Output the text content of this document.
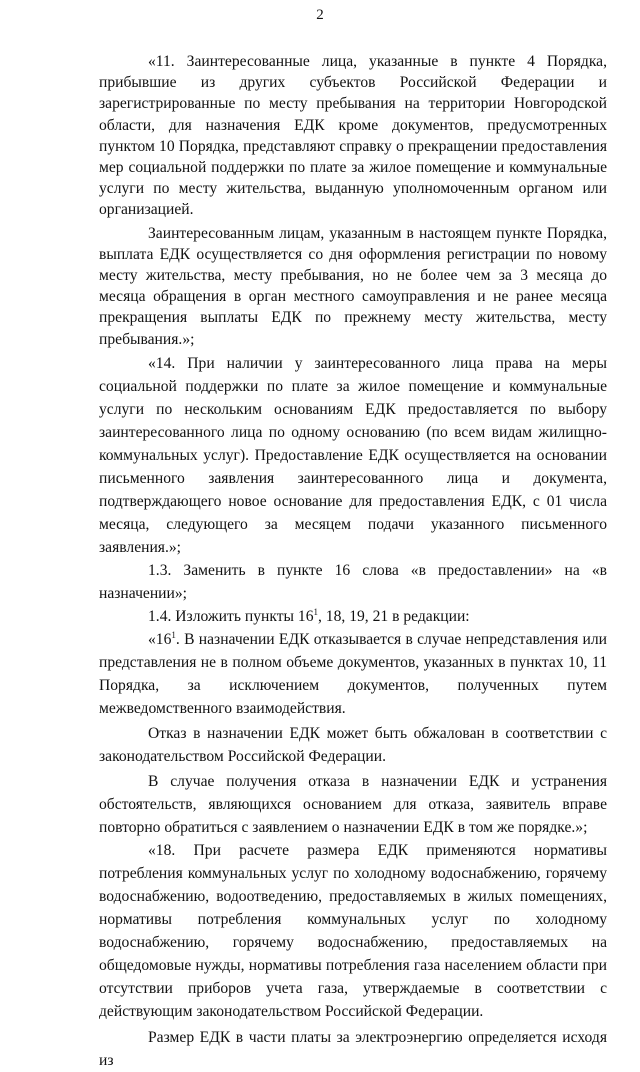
2

«11. Заинтересованные лица, указанные в пункте 4 Порядка, прибывшие из других субъектов Российской Федерации и зарегистрированные по месту пребывания на территории Новгородской области, для назначения ЕДК кроме документов, предусмотренных пунктом 10 Порядка, представляют справку о прекращении предоставления мер социальной поддержки по плате за жилое помещение и коммунальные услуги по месту жительства, выданную уполномоченным органом или организацией.

Заинтересованным лицам, указанным в настоящем пункте Порядка, выплата ЕДК осуществляется со дня оформления регистрации по новому месту жительства, месту пребывания, но не более чем за 3 месяца до месяца обращения в орган местного самоуправления и не ранее месяца прекращения выплаты ЕДК по прежнему месту жительства, месту пребывания.»;

«14. При наличии у заинтересованного лица права на меры социальной поддержки по плате за жилое помещение и коммунальные услуги по нескольким основаниям ЕДК предоставляется по выбору заинтересованного лица по одному основанию (по всем видам жилищно-коммунальных услуг). Предоставление ЕДК осуществляется на основании письменного заявления заинтересованного лица и документа, подтверждающего новое основание для предоставления ЕДК, с 01 числа месяца, следующего за месяцем подачи указанного письменного заявления.»;

1.3. Заменить в пункте 16 слова «в предоставлении» на «в назначении»;

1.4. Изложить пункты $16^1$, 18, 19, 21 в редакции:

«$16^1$. В назначении ЕДК отказывается в случае непредставления или представления не в полном объеме документов, указанных в пунктах 10, 11 Порядка, за исключением документов, полученных путем межведомственного взаимодействия.

Отказ в назначении ЕДК может быть обжалован в соответствии с законодательством Российской Федерации.

В случае получения отказа в назначении ЕДК и устранения обстоятельств, являющихся основанием для отказа, заявитель вправе повторно обратиться с заявлением о назначении ЕДК в том же порядке.»;

«18. При расчете размера ЕДК применяются нормативы потребления коммунальных услуг по холодному водоснабжению, горячему водоснабжению, водоотведению, предоставляемых в жилых помещениях, нормативы потребления коммунальных услуг по холодному водоснабжению, горячему водоснабжению, предоставляемых на общедомовые нужды, нормативы потребления газа населением области при отсутствии приборов учета газа, утверждаемые в соответствии с действующим законодательством Российской Федерации.

Размер ЕДК в части платы за электроэнергию определяется исходя из
